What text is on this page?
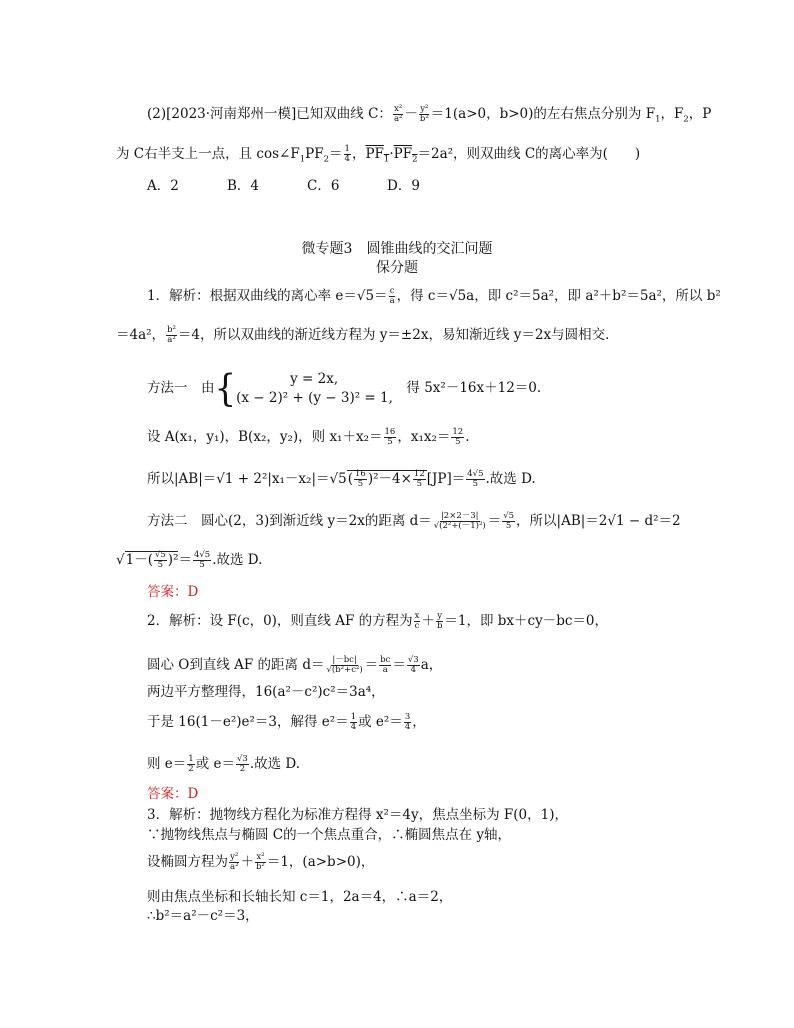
(2)[2023·河南郑州一模]已知双曲线 C： $\frac{\text{x²}}{\text{a²}} - \frac{\text{y²}}{\text{b²}} =1(a>0$，b>0)的左右焦点分别为 $F_1$，$F_2$，P
为 C右半支上一点，且 $\cos\angle F_1PF_2= \frac{1}{4}$ ，$PF_1\cdot PF_2=2a^2$，则双曲线 C的离心率为(　　)
A．2	B．4	C．6	D．9
微专题3　圆锥曲线的交汇问题
保分题
1．解析：根据双曲线的离心率 $e=√5= \frac{c}{a}$ ，得 c＝√5a，即 c²＝5a²，即 a²＋b²＝5a²，所以 b²
＝4a²， $\frac{\text{b²}}{\text{a²}} =4$，所以双曲线的渐近线方程为 y＝±2x，易知渐近线 y＝2x与圆相交．
方法一　由{	y = 2x,
(x − 2)² + (y − 3)² = 1,
　得 5x²－16x＋12＝0.
设 A(x₁，y₁)，B(x₂，y₂)，则 $x_1+x_2= \frac{16}{5}$ ，$x_1x_2= \frac{12}{5}$ .
所以$|AB|=√1 + 2^2|x_1-x_2|=√5( \frac{16}{5} )^2-4\times \frac{12}{5} [JP]= \frac{4√5}{5}$ .故选 D.
方法二　圆心(2，3)到渐近线 y＝2x的距离 $d= \frac{|2\times 2-3|}{\text{√(2²+(－1)²)}} = \frac{√5}{5}$ ，所以|AB|＝2√1 − d²＝2
$√1-( \frac{√5}{5} )^2= \frac{4√5}{5}$ .故选 D.
答案：D
2．解析：设 F(c，0)，则直线 AF 的方程为 $\frac{x}{c} + \frac{y}{b} =1$，即 bx＋cy－bc＝0，
圆心 O到直线 AF 的距离 $d= \frac{|-bc|}{\text{√(b²+c²)}} = \frac{bc}{a} = \frac{√3}{4}$ a，
两边平方整理得，16(a²－c²)c²＝3a⁴，
于是 16(1－e²)e²＝3，解得 $e^2= \frac{1}{4}$ 或 $e^2= \frac{3}{4}$ ，
则 $e= \frac{1}{2}$ 或 $e= \frac{√3}{2}$ .故选 D.
答案：D
3．解析：抛物线方程化为标准方程得 x²＝4y，焦点坐标为 F(0，1)，
∵抛物线焦点与椭圆 C的一个焦点重合，∴椭圆焦点在 y轴，
设椭圆方程为 $\frac{\text{y²}}{\text{a²}} + \frac{\text{x²}}{\text{b²}} =1$，(a>b>0)，
则由焦点坐标和长轴长知 c＝1，2a＝4，∴a＝2，
∴b²＝a²－c²＝3，
